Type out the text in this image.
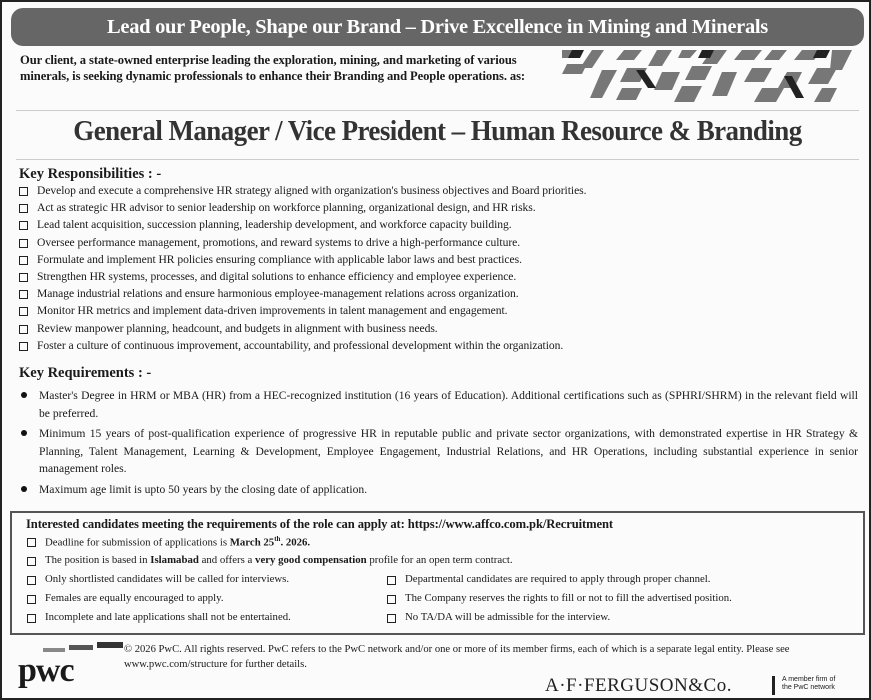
Lead our People, Shape our Brand – Drive Excellence in Mining and Minerals
Our client, a state-owned enterprise leading the exploration, mining, and marketing of various minerals, is seeking dynamic professionals to enhance their Branding and People operations. as:
General Manager / Vice President – Human Resource & Branding
Key Responsibilities : -
Develop and execute a comprehensive HR strategy aligned with organization's business objectives and Board priorities.
Act as strategic HR advisor to senior leadership on workforce planning, organizational design, and HR risks.
Lead talent acquisition, succession planning, leadership development, and workforce capacity building.
Oversee performance management, promotions, and reward systems to drive a high-performance culture.
Formulate and implement HR policies ensuring compliance with applicable labor laws and best practices.
Strengthen HR systems, processes, and digital solutions to enhance efficiency and employee experience.
Manage industrial relations and ensure harmonious employee-management relations across organization.
Monitor HR metrics and implement data-driven improvements in talent management and engagement.
Review manpower planning, headcount, and budgets in alignment with business needs.
Foster a culture of continuous improvement, accountability, and professional development within the organization.
Key Requirements : -
Master's Degree in HRM or MBA (HR) from a HEC-recognized institution (16 years of Education). Additional certifications such as (SPHRI/SHRM) in the relevant field will be preferred.
Minimum 15 years of post-qualification experience of progressive HR in reputable public and private sector organizations, with demonstrated expertise in HR Strategy & Planning, Talent Management, Learning & Development, Employee Engagement, Industrial Relations, and HR Operations, including substantial experience in senior management roles.
Maximum age limit is upto 50 years by the closing date of application.
Interested candidates meeting the requirements of the role can apply at: https://www.affco.com.pk/Recruitment
Deadline for submission of applications is March 25th. 2026.
The position is based in Islamabad and offers a very good compensation profile for an open term contract.
Only shortlisted candidates will be called for interviews.	Departmental candidates are required to apply through proper channel.
Females are equally encouraged to apply.	The Company reserves the rights to fill or not to fill the advertised position.
Incomplete and late applications shall not be entertained.	No TA/DA will be admissible for the interview.
pwc
© 2026 PwC. All rights reserved. PwC refers to the PwC network and/or one or more of its member firms, each of which is a separate legal entity. Please see www.pwc.com/structure for further details.
A·F·FERGUSON&Co.	A member firm of
the PwC network
